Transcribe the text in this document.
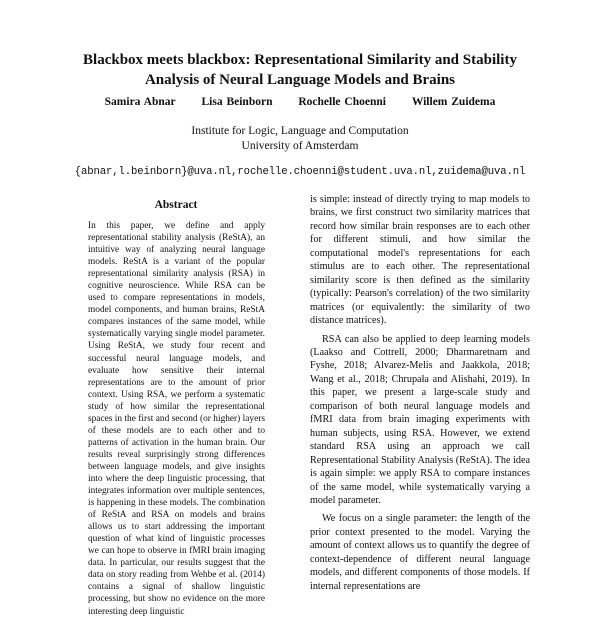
Blackbox meets blackbox: Representational Similarity and Stability
Analysis of Neural Language Models and Brains
Samira Abnar Lisa Beinborn Rochelle Choenni Willem Zuidema
Institute for Logic, Language and Computation
University of Amsterdam
{abnar,l.beinborn}@uva.nl,rochelle.choenni@student.uva.nl,zuidema@uva.nl
Abstract

In this paper, we define and apply representational stability analysis (ReStA), an intuitive way of analyzing neural language models. ReStA is a variant of the popular representational similarity analysis (RSA) in cognitive neuroscience. While RSA can be used to compare representations in models, model components, and human brains, ReStA compares instances of the same model, while systematically varying single model parameter. Using ReStA, we study four recent and successful neural language models, and evaluate how sensitive their internal representations are to the amount of prior context. Using RSA, we perform a systematic study of how similar the representational spaces in the first and second (or higher) layers of these models are to each other and to patterns of activation in the human brain. Our results reveal surprisingly strong differences between language models, and give insights into where the deep linguistic processing, that integrates information over multiple sentences, is happening in these models. The combination of ReStA and RSA on models and brains allows us to start addressing the important question of what kind of linguistic processes we can hope to observe in fMRI brain imaging data. In particular, our results suggest that the data on story reading from Wehbe et al. (2014) contains a signal of shallow linguistic processing, but show no evidence on the more interesting deep linguistic

is simple: instead of directly trying to map models to brains, we first construct two similarity matrices that record how similar brain responses are to each other for different stimuli, and how similar the computational model's representations for each stimulus are to each other. The representational similarity score is then defined as the similarity (typically: Pearson's correlation) of the two similarity matrices (or equivalently: the similarity of two distance matrices).

RSA can also be applied to deep learning models (Laakso and Cottrell, 2000; Dharmaretnam and Fyshe, 2018; Alvarez-Melis and Jaakkola, 2018; Wang et al., 2018; Chrupała and Alishahi, 2019). In this paper, we present a large-scale study and comparison of both neural language models and fMRI data from brain imaging experiments with human subjects, using RSA. However, we extend standard RSA using an approach we call Representational Stability Analysis (ReStA). The idea is again simple: we apply RSA to compare instances of the same model, while systematically varying a model parameter.

We focus on a single parameter: the length of the prior context presented to the model. Varying the amount of context allows us to quantify the degree of context-dependence of different neural language models, and different components of those models. If internal representations are
